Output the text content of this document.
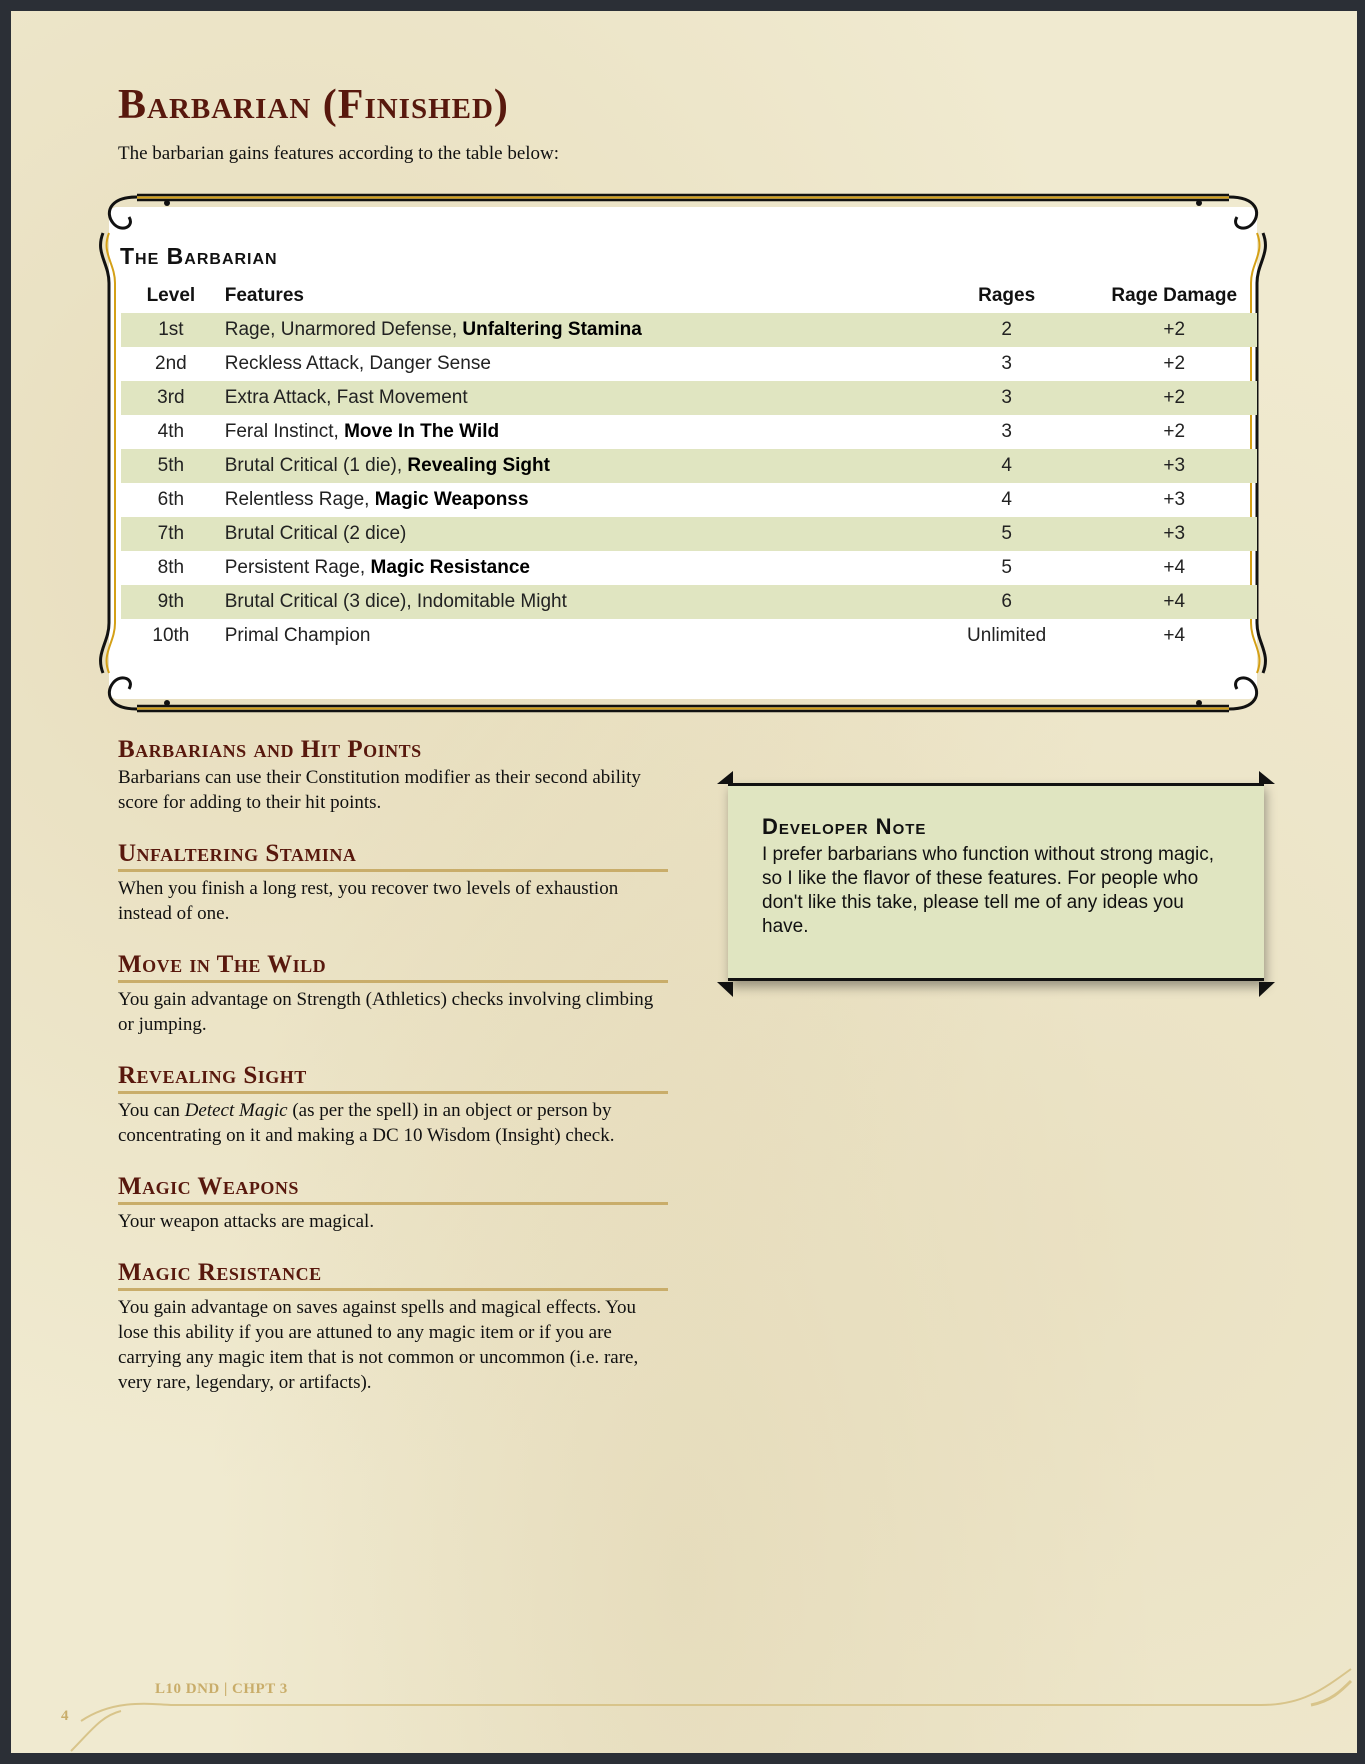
Barbarian (Finished)
The barbarian gains features according to the table below:
The Barbarian
Level	Features	Rages	Rage Damage
1st	Rage, Unarmored Defense, Unfaltering Stamina	2	+2
2nd	Reckless Attack, Danger Sense	3	+2
3rd	Extra Attack, Fast Movement	3	+2
4th	Feral Instinct, Move In The Wild	3	+2
5th	Brutal Critical (1 die), Revealing Sight	4	+3
6th	Relentless Rage, Magic Weaponss	4	+3
7th	Brutal Critical (2 dice)	5	+3
8th	Persistent Rage, Magic Resistance	5	+4
9th	Brutal Critical (3 dice), Indomitable Might	6	+4
10th	Primal Champion	Unlimited	+4
Barbarians and Hit Points

Barbarians can use their Constitution modifier as their second ability score for adding to their hit points.

Unfaltering Stamina

When you finish a long rest, you recover two levels of exhaustion instead of one.

Move in The Wild

You gain advantage on Strength (Athletics) checks involving climbing or jumping.

Revealing Sight

You can Detect Magic (as per the spell) in an object or person by concentrating on it and making a DC 10 Wisdom (Insight) check.

Magic Weapons

Your weapon attacks are magical.

Magic Resistance

You gain advantage on saves against spells and magical effects. You lose this ability if you are attuned to any magic item or if you are carrying any magic item that is not common or uncommon (i.e. rare, very rare, legendary, or artifacts).

Developer Note
I prefer barbarians who function without strong magic, so I like the flavor of these features. For people who don't like this take, please tell me of any ideas you have.
L10 DND | CHPT 3
4
